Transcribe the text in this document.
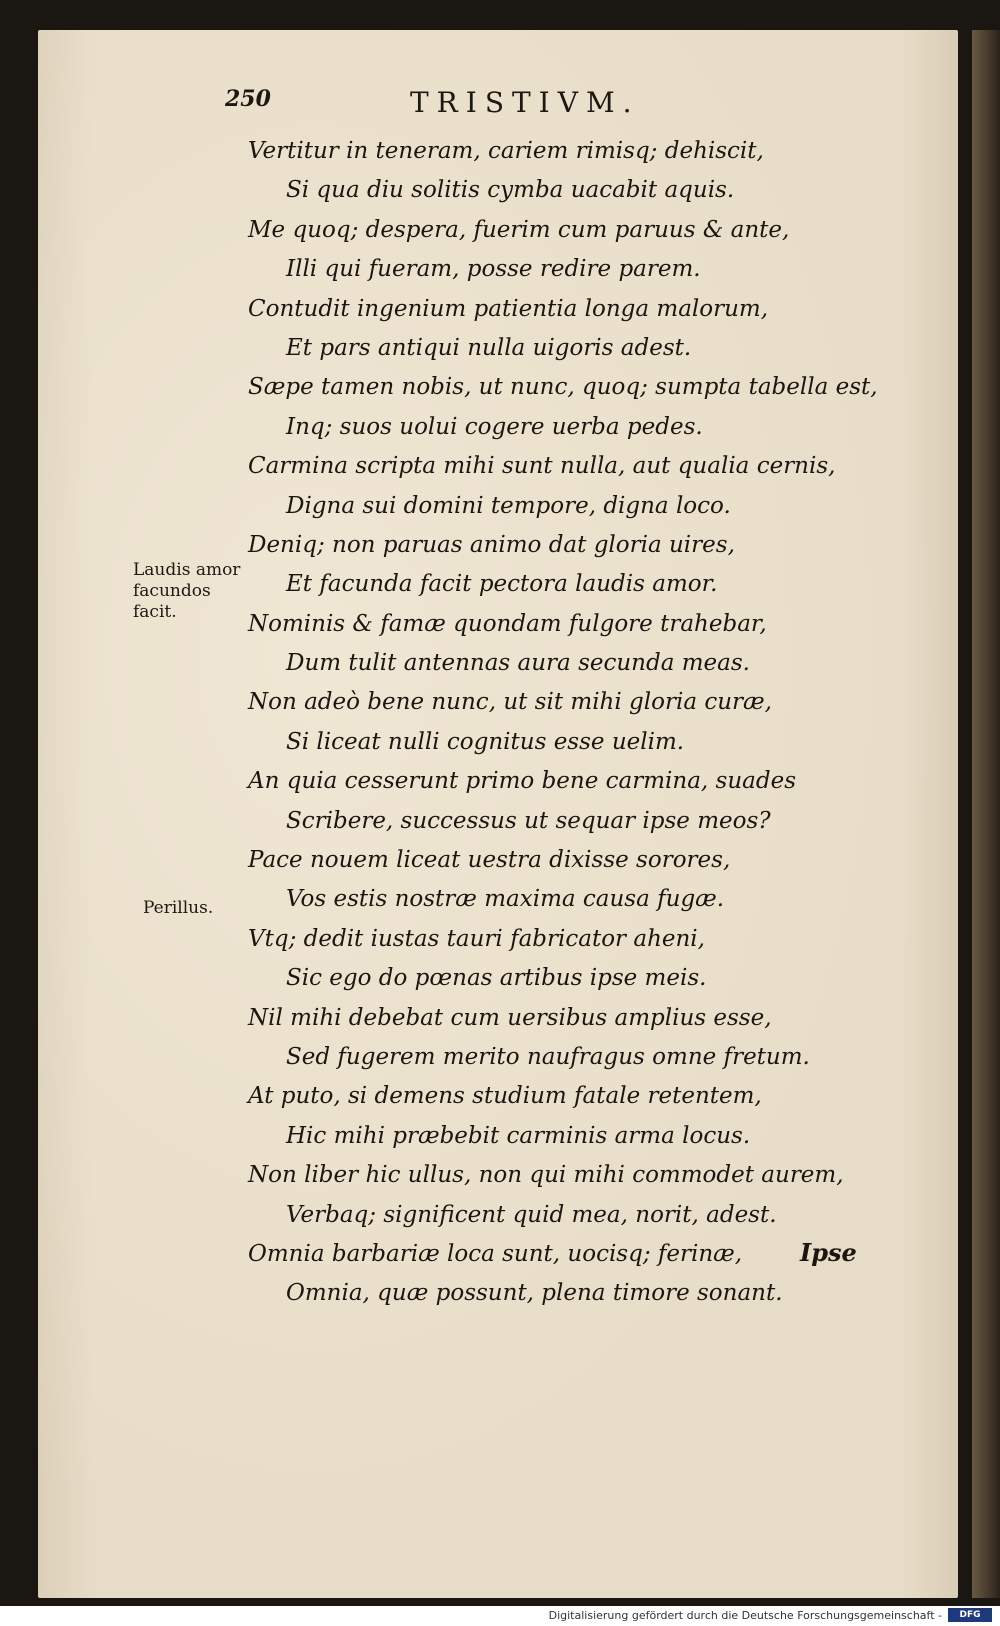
250	TRISTIVM.
Laudis amor facundos facit.
Perillus.
Vertitur in teneram, cariem rimisq; dehiscit,
Si qua diu solitis cymba uacabit aquis.
Me quoq; despera, fuerim cum paruus & ante,
Illi qui fueram, posse redire parem.
Contudit ingenium patientia longa malorum,
Et pars antiqui nulla uigoris adest.
Sæpe tamen nobis, ut nunc, quoq; sumpta tabella est,
Inq; suos uolui cogere uerba pedes.
Carmina scripta mihi sunt nulla, aut qualia cernis,
Digna sui domini tempore, digna loco.
Deniq; non paruas animo dat gloria uires,
Et facunda facit pectora laudis amor.
Nominis & famæ quondam fulgore trahebar,
Dum tulit antennas aura secunda meas.
Non adeò bene nunc, ut sit mihi gloria curæ,
Si liceat nulli cognitus esse uelim.
An quia cesserunt primo bene carmina, suades
Scribere, successus ut sequar ipse meos?
Pace nouem liceat uestra dixisse sorores,
Vos estis nostræ maxima causa fugæ.
Vtq; dedit iustas tauri fabricator aheni,
Sic ego do pœnas artibus ipse meis.
Nil mihi debebat cum uersibus amplius esse,
Sed fugerem merito naufragus omne fretum.
At puto, si demens studium fatale retentem,
Hic mihi præbebit carminis arma locus.
Non liber hic ullus, non qui mihi commodet aurem,
Verbaq; significent quid mea, norit, adest.
Omnia barbariæ loca sunt, uocisq; ferinæ,
Omnia, quæ possunt, plena timore sonant.
Ipse
Digitalisierung gefördert durch die Deutsche Forschungsgemeinschaft -	DFG
